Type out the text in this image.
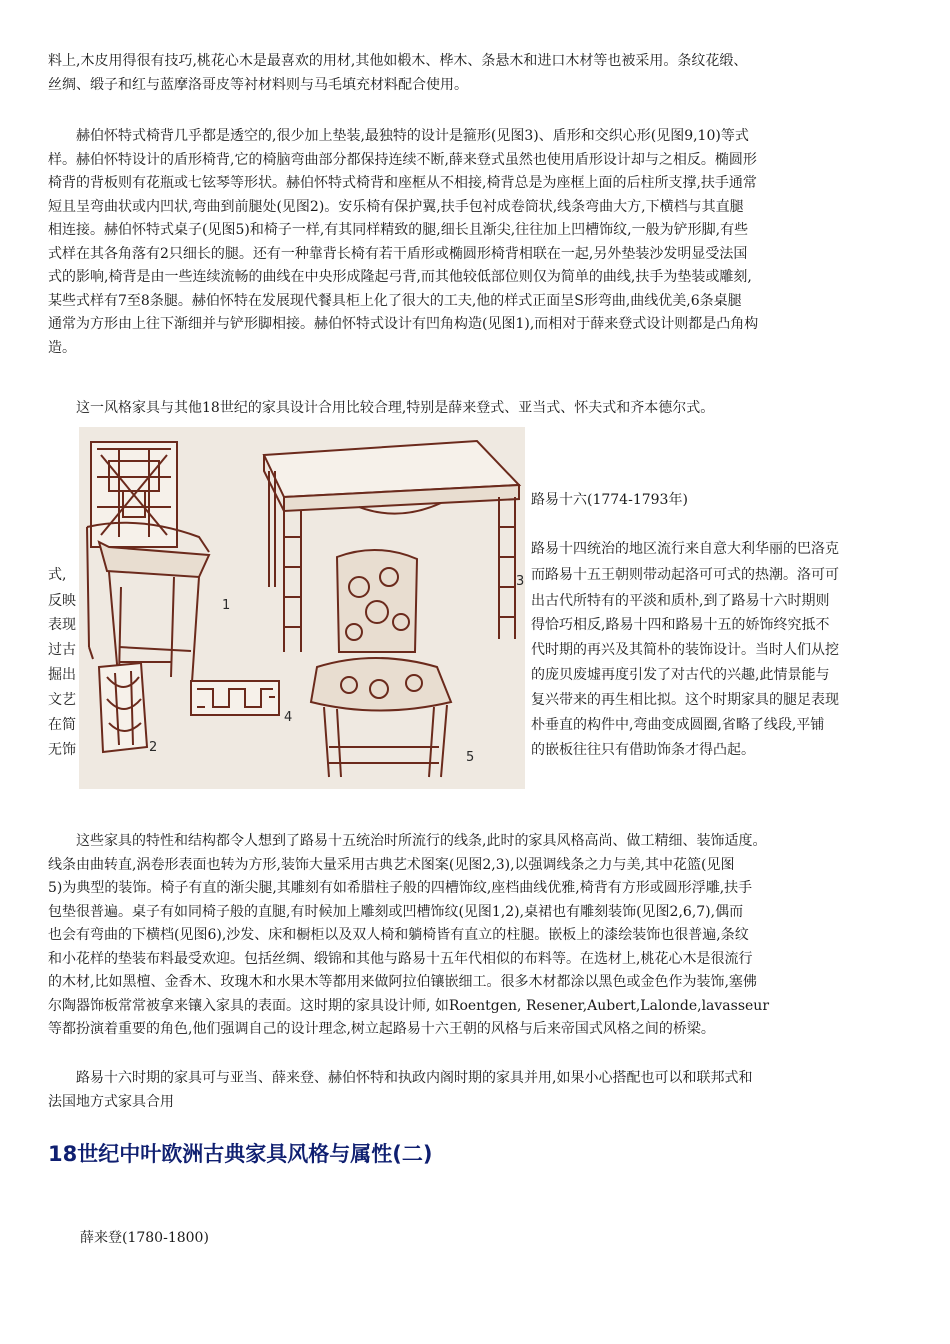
料上,木皮用得很有技巧,桃花心木是最喜欢的用材,其他如椴木、桦木、条悬木和进口木材等也被采用。条纹花缎、
丝绸、缎子和红与蓝摩洛哥皮等衬材料则与马毛填充材料配合使用。
　　赫伯怀特式椅背几乎都是透空的,很少加上垫装,最独特的设计是箍形(见图3)、盾形和交织心形(见图9,10)等式
样。赫伯怀特设计的盾形椅背,它的椅脑弯曲部分都保持连续不断,薛来登式虽然也使用盾形设计却与之相反。椭圆形
椅背的背板则有花瓶或七铉琴等形状。赫伯怀特式椅背和座框从不相接,椅背总是为座框上面的后柱所支撑,扶手通常
短且呈弯曲状或内凹状,弯曲到前腿处(见图2)。安乐椅有保护翼,扶手包衬成卷筒状,线条弯曲大方,下横档与其直腿
相连接。赫伯怀特式桌子(见图5)和椅子一样,有其同样精致的腿,细长且渐尖,往往加上凹槽饰纹,一般为铲形脚,有些
式样在其各角落有2只细长的腿。还有一种靠背长椅有若干盾形或椭圆形椅背相联在一起,另外垫装沙发明显受法国
式的影响,椅背是由一些连续流畅的曲线在中央形成隆起弓背,而其他较低部位则仅为简单的曲线,扶手为垫装或雕刻,
某些式样有7至8条腿。赫伯怀特在发展现代餐具柜上化了很大的工夫,他的样式正面呈S形弯曲,曲线优美,6条桌腿
通常为方形由上往下渐细并与铲形脚相接。赫伯怀特式设计有凹角构造(见图1),而相对于薛来登式设计则都是凸角构
造。
　　这一风格家具与其他18世纪的家具设计合用比较合理,特别是薛来登式、亚当式、怀夫式和齐本德尔式。
1
2
3
4
5
路易十六(1774-1793年)
路易十四统治的地区流行来自意大利华丽的巴洛克
而路易十五王朝则带动起洛可可式的热潮。洛可可
出古代所特有的平淡和质朴,到了路易十六时期则
得恰巧相反,路易十四和路易十五的娇饰终究抵不
代时期的再兴及其简朴的装饰设计。当时人们从挖
的庞贝废墟再度引发了对古代的兴趣,此情景能与
复兴带来的再生相比拟。这个时期家具的腿足表现
朴垂直的构件中,弯曲变成圆圈,省略了线段,平铺
的嵌板往往只有借助饰条才得凸起。
式,
反映
表现
过古
掘出
文艺
在简
无饰
　　这些家具的特性和结构都令人想到了路易十五统治时所流行的线条,此时的家具风格高尚、做工精细、装饰适度。
线条由曲转直,涡卷形表面也转为方形,装饰大量采用古典艺术图案(见图2,3),以强调线条之力与美,其中花篮(见图
5)为典型的装饰。椅子有直的渐尖腿,其雕刻有如希腊柱子般的四槽饰纹,座档曲线优雅,椅背有方形或圆形浮雕,扶手
包垫很普遍。桌子有如同椅子般的直腿,有时候加上雕刻或凹槽饰纹(见图1,2),桌裙也有雕刻装饰(见图2,6,7),偶而
也会有弯曲的下横档(见图6),沙发、床和橱柜以及双人椅和躺椅皆有直立的柱腿。嵌板上的漆绘装饰也很普遍,条纹
和小花样的垫装布料最受欢迎。包括丝绸、缎锦和其他与路易十五年代相似的布料等。在选材上,桃花心木是很流行
的木材,比如黑檀、金香木、玫瑰木和水果木等都用来做阿拉伯镶嵌细工。很多木材都涂以黑色或金色作为装饰,塞佛
尔陶器饰板常常被拿来镶入家具的表面。这时期的家具设计师, 如Roentgen, Resener,Aubert,Lalonde,lavasseur
等都扮演着重要的角色,他们强调自己的设计理念,树立起路易十六王朝的风格与后来帝国式风格之间的桥梁。
　　路易十六时期的家具可与亚当、薛来登、赫伯怀特和执政内阁时期的家具并用,如果小心搭配也可以和联邦式和
法国地方式家具合用
18世纪中叶欧洲古典家具风格与属性(二)
薛来登(1780-1800)
